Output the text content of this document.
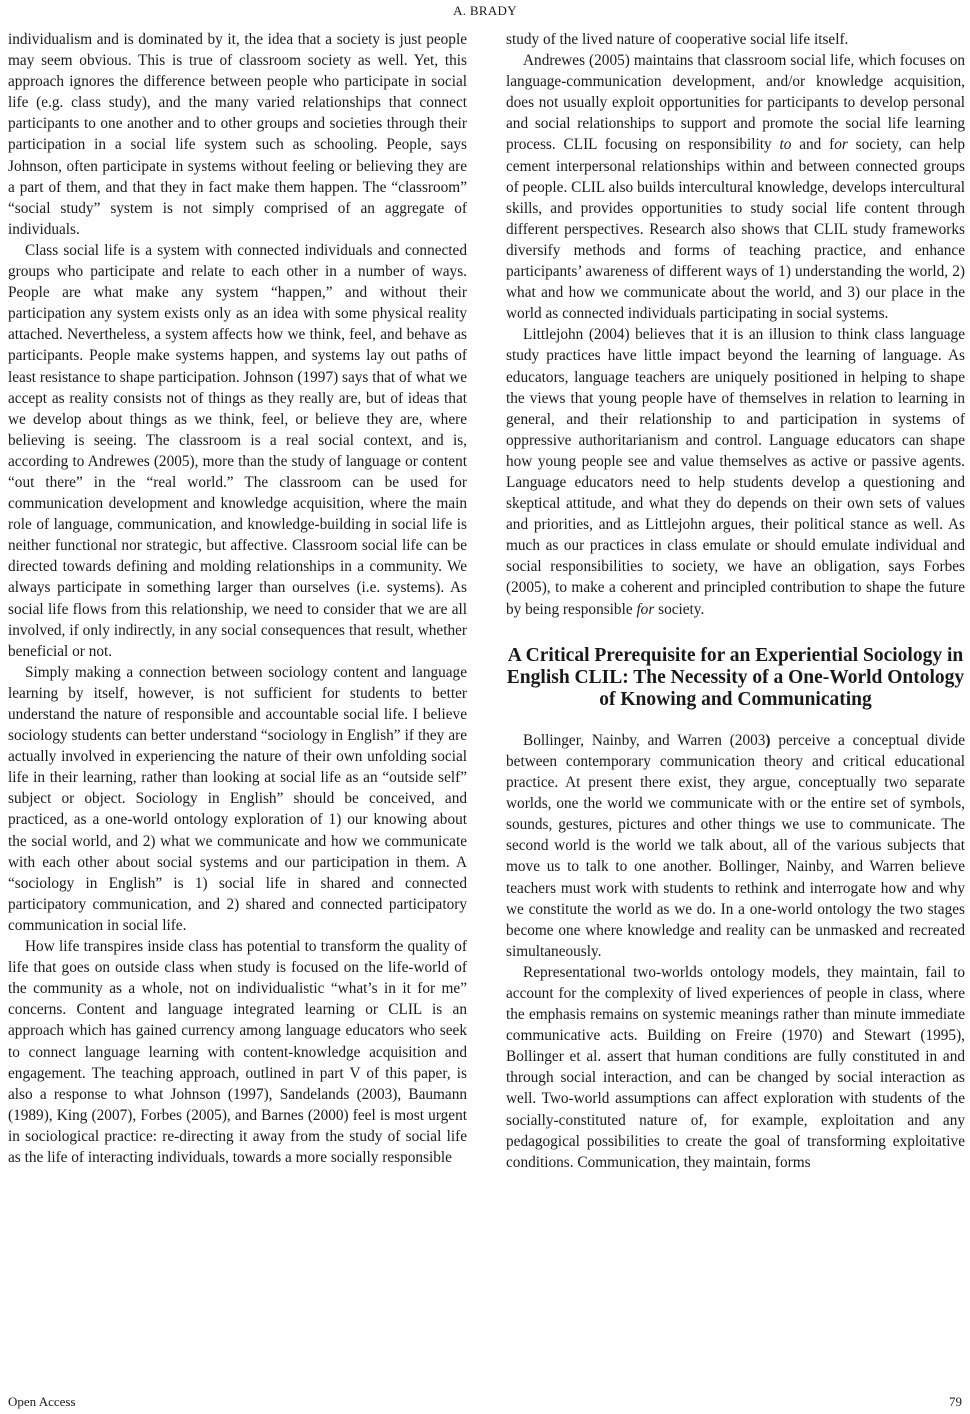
A. BRADY

individualism and is dominated by it, the idea that a society is just people may seem obvious. This is true of classroom society as well. Yet, this approach ignores the difference between people who participate in social life (e.g. class study), and the many varied relationships that connect participants to one another and to other groups and societies through their participation in a social life system such as schooling. People, says Johnson, often participate in systems without feeling or believing they are a part of them, and that they in fact make them happen. The “classroom” “social study” system is not simply comprised of an aggregate of individuals.

Class social life is a system with connected individuals and connected groups who participate and relate to each other in a number of ways. People are what make any system “happen,” and without their participation any system exists only as an idea with some physical reality attached. Nevertheless, a system affects how we think, feel, and behave as participants. People make systems happen, and systems lay out paths of least resistance to shape participation. Johnson (1997) says that of what we accept as reality consists not of things as they really are, but of ideas that we develop about things as we think, feel, or believe they are, where believing is seeing. The classroom is a real social context, and is, according to Andrewes (2005), more than the study of language or content “out there” in the “real world.” The classroom can be used for communication development and knowledge acquisition, where the main role of language, communication, and knowledge-building in social life is neither functional nor strategic, but affective. Classroom social life can be directed towards defining and molding relationships in a community. We always participate in something larger than ourselves (i.e. systems). As social life flows from this relationship, we need to consider that we are all involved, if only indirectly, in any social consequences that result, whether beneficial or not.

Simply making a connection between sociology content and language learning by itself, however, is not sufficient for students to better understand the nature of responsible and accountable social life. I believe sociology students can better understand “sociology in English” if they are actually involved in experiencing the nature of their own unfolding social life in their learning, rather than looking at social life as an “outside self” subject or object. Sociology in English” should be conceived, and practiced, as a one-world ontology exploration of 1) our knowing about the social world, and 2) what we communicate and how we communicate with each other about social systems and our participation in them. A “sociology in English” is 1) social life in shared and connected participatory communication, and 2) shared and connected participatory communication in social life.

How life transpires inside class has potential to transform the quality of life that goes on outside class when study is focused on the life-world of the community as a whole, not on individualistic “what’s in it for me” concerns. Content and language integrated learning or CLIL is an approach which has gained currency among language educators who seek to connect language learning with content-knowledge acquisition and engagement. The teaching approach, outlined in part V of this paper, is also a response to what Johnson (1997), Sandelands (2003), Baumann (1989), King (2007), Forbes (2005), and Barnes (2000) feel is most urgent in sociological practice: re-directing it away from the study of social life as the life of interacting individuals, towards a more socially responsible

study of the lived nature of cooperative social life itself.

Andrewes (2005) maintains that classroom social life, which focuses on language-communication development, and/or knowledge acquisition, does not usually exploit opportunities for participants to develop personal and social relationships to support and promote the social life learning process. CLIL focusing on responsibility to and for society, can help cement interpersonal relationships within and between connected groups of people. CLIL also builds intercultural knowledge, develops intercultural skills, and provides opportunities to study social life content through different perspectives. Research also shows that CLIL study frameworks diversify methods and forms of teaching practice, and enhance participants’ awareness of different ways of 1) understanding the world, 2) what and how we communicate about the world, and 3) our place in the world as connected individuals participating in social systems.

Littlejohn (2004) believes that it is an illusion to think class language study practices have little impact beyond the learning of language. As educators, language teachers are uniquely positioned in helping to shape the views that young people have of themselves in relation to learning in general, and their relationship to and participation in systems of oppressive authoritarianism and control. Language educators can shape how young people see and value themselves as active or passive agents. Language educators need to help students develop a questioning and skeptical attitude, and what they do depends on their own sets of values and priorities, and as Littlejohn argues, their political stance as well. As much as our practices in class emulate or should emulate individual and social responsibilities to society, we have an obligation, says Forbes (2005), to make a coherent and principled contribution to shape the future by being responsible for society.

A Critical Prerequisite for an Experiential Sociology in English CLIL: The Necessity of a One-World Ontology of Knowing and Communicating

Bollinger, Nainby, and Warren (2003) perceive a conceptual divide between contemporary communication theory and critical educational practice. At present there exist, they argue, conceptually two separate worlds, one the world we communicate with or the entire set of symbols, sounds, gestures, pictures and other things we use to communicate. The second world is the world we talk about, all of the various subjects that move us to talk to one another. Bollinger, Nainby, and Warren believe teachers must work with students to rethink and interrogate how and why we constitute the world as we do. In a one-world ontology the two stages become one where knowledge and reality can be unmasked and recreated simultaneously.

Representational two-worlds ontology models, they maintain, fail to account for the complexity of lived experiences of people in class, where the emphasis remains on systemic meanings rather than minute immediate communicative acts. Building on Freire (1970) and Stewart (1995), Bollinger et al. assert that human conditions are fully constituted in and through social interaction, and can be changed by social interaction as well. Two-world assumptions can affect exploration with students of the socially-constituted nature of, for example, exploitation and any pedagogical possibilities to create the goal of transforming exploitative conditions. Communication, they maintain, forms

Open Access	79
